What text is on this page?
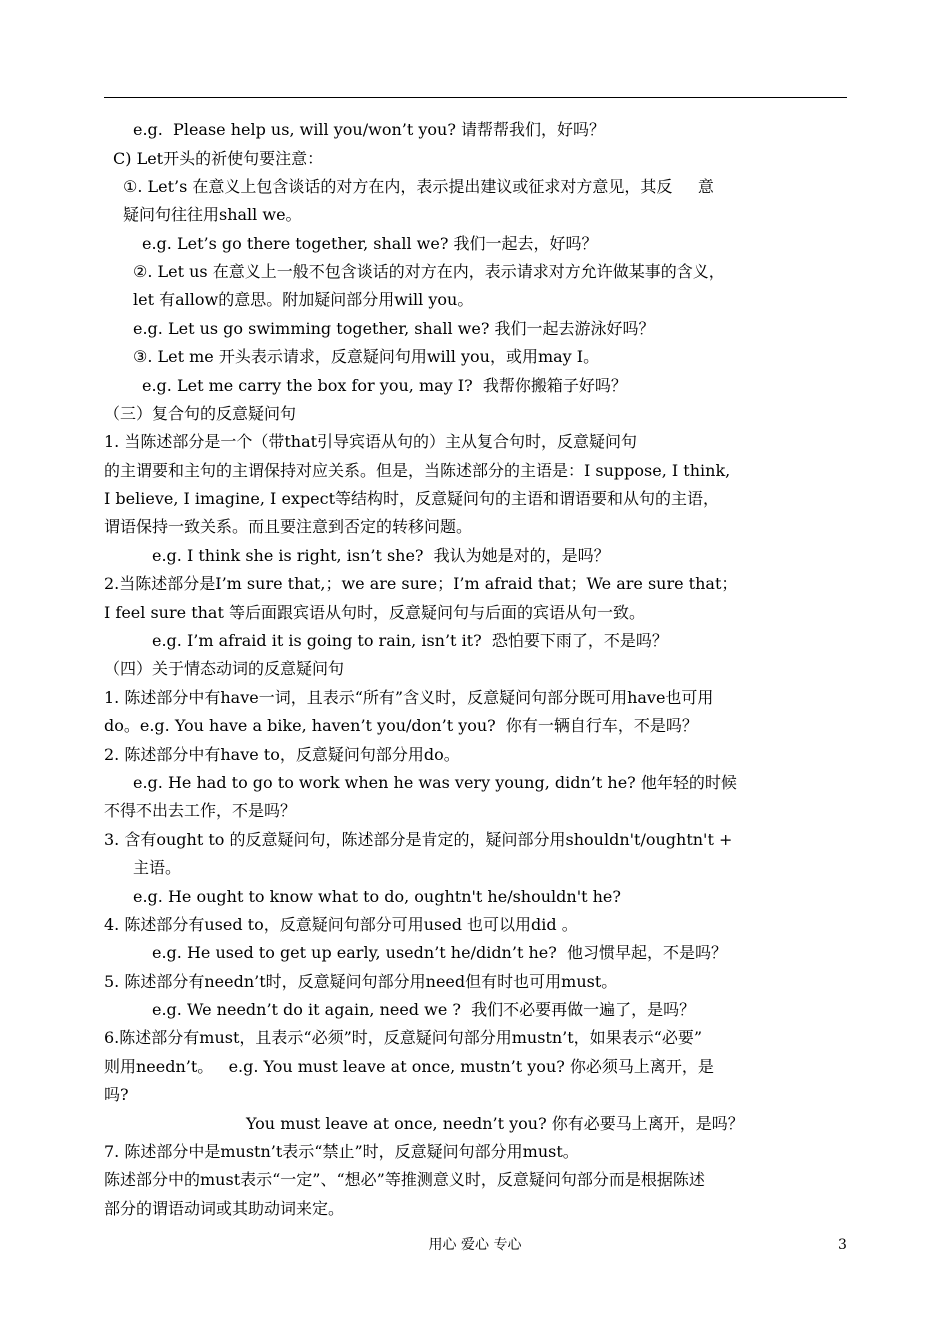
e.g.  Please help us, will you/won’t you? 请帮帮我们，好吗？
C) Let开头的祈使句要注意：
①. Let’s 在意义上包含谈话的对方在内，表示提出建议或征求对方意见，其反     意
疑问句往往用shall we。
e.g. Let’s go there together, shall we? 我们一起去，好吗？
②. Let us 在意义上一般不包含谈话的对方在内，表示请求对方允许做某事的含义，
let 有allow的意思。附加疑问部分用will you。
e.g. Let us go swimming together, shall we? 我们一起去游泳好吗？
③. Let me 开头表示请求，反意疑问句用will you，或用may I。
e.g. Let me carry the box for you, may I?  我帮你搬箱子好吗？
（三）复合句的反意疑问句
1. 当陈述部分是一个（带that引导宾语从句的）主从复合句时，反意疑问句
的主谓要和主句的主谓保持对应关系。但是，当陈述部分的主语是：I suppose, I think,
I believe, I imagine, I expect等结构时，反意疑问句的主语和谓语要和从句的主语，
谓语保持一致关系。而且要注意到否定的转移问题。
e.g. I think she is right, isn’t she?  我认为她是对的，是吗？
2.当陈述部分是I’m sure that,；we are sure；I’m afraid that；We are sure that；
I feel sure that 等后面跟宾语从句时，反意疑问句与后面的宾语从句一致。
e.g. I’m afraid it is going to rain, isn’t it?  恐怕要下雨了，不是吗？
（四）关于情态动词的反意疑问句
1. 陈述部分中有have一词，且表示“所有”含义时，反意疑问句部分既可用have也可用
do。e.g. You have a bike, haven’t you/don’t you?  你有一辆自行车，不是吗？
2. 陈述部分中有have to，反意疑问句部分用do。
e.g. He had to go to work when he was very young, didn’t he? 他年轻的时候
不得不出去工作，不是吗？
3. 含有ought to 的反意疑问句，陈述部分是肯定的，疑问部分用shouldn't/oughtn't +
主语。
e.g. He ought to know what to do, oughtn't he/shouldn't he?
4. 陈述部分有used to，反意疑问句部分可用used 也可以用did 。
e.g. He used to get up early, usedn’t he/didn’t he?  他习惯早起，不是吗？
5. 陈述部分有needn’t时，反意疑问句部分用need但有时也可用must。
e.g. We needn’t do it again, need we ?  我们不必要再做一遍了，是吗？
6.陈述部分有must，且表示“必须”时，反意疑问句部分用mustn’t，如果表示“必要”
则用needn’t。   e.g. You must leave at once, mustn’t you? 你必须马上离开，是
吗?
You must leave at once, needn’t you? 你有必要马上离开，是吗？
7. 陈述部分中是mustn’t表示“禁止”时，反意疑问句部分用must。
陈述部分中的must表示“一定”、“想必”等推测意义时，反意疑问句部分而是根据陈述
部分的谓语动词或其助动词来定。
用心 爱心 专心	3
